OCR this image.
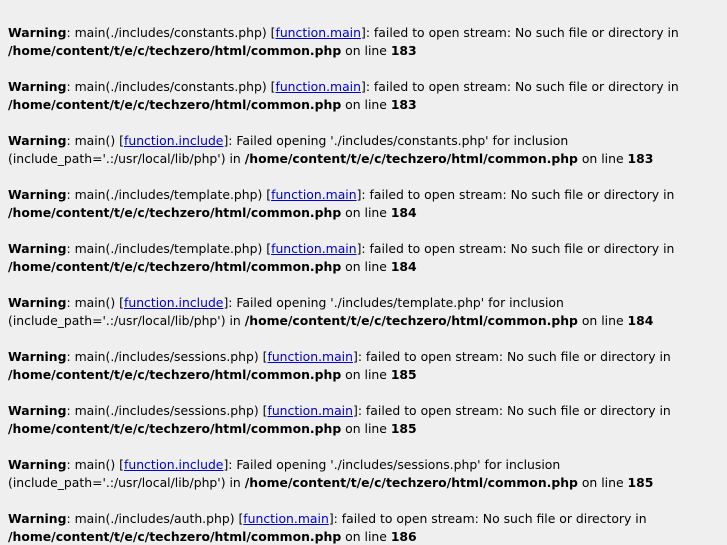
Warning: main(./includes/constants.php) [function.main]: failed to open stream: No such file or directory in /home/content/t/e/c/techzero/html/common.php on line 183
Warning: main(./includes/constants.php) [function.main]: failed to open stream: No such file or directory in /home/content/t/e/c/techzero/html/common.php on line 183
Warning: main() [function.include]: Failed opening './includes/constants.php' for inclusion (include_path='.:/usr/local/lib/php') in /home/content/t/e/c/techzero/html/common.php on line 183
Warning: main(./includes/template.php) [function.main]: failed to open stream: No such file or directory in /home/content/t/e/c/techzero/html/common.php on line 184
Warning: main(./includes/template.php) [function.main]: failed to open stream: No such file or directory in /home/content/t/e/c/techzero/html/common.php on line 184
Warning: main() [function.include]: Failed opening './includes/template.php' for inclusion (include_path='.:/usr/local/lib/php') in /home/content/t/e/c/techzero/html/common.php on line 184
Warning: main(./includes/sessions.php) [function.main]: failed to open stream: No such file or directory in /home/content/t/e/c/techzero/html/common.php on line 185
Warning: main(./includes/sessions.php) [function.main]: failed to open stream: No such file or directory in /home/content/t/e/c/techzero/html/common.php on line 185
Warning: main() [function.include]: Failed opening './includes/sessions.php' for inclusion (include_path='.:/usr/local/lib/php') in /home/content/t/e/c/techzero/html/common.php on line 185
Warning: main(./includes/auth.php) [function.main]: failed to open stream: No such file or directory in /home/content/t/e/c/techzero/html/common.php on line 186
